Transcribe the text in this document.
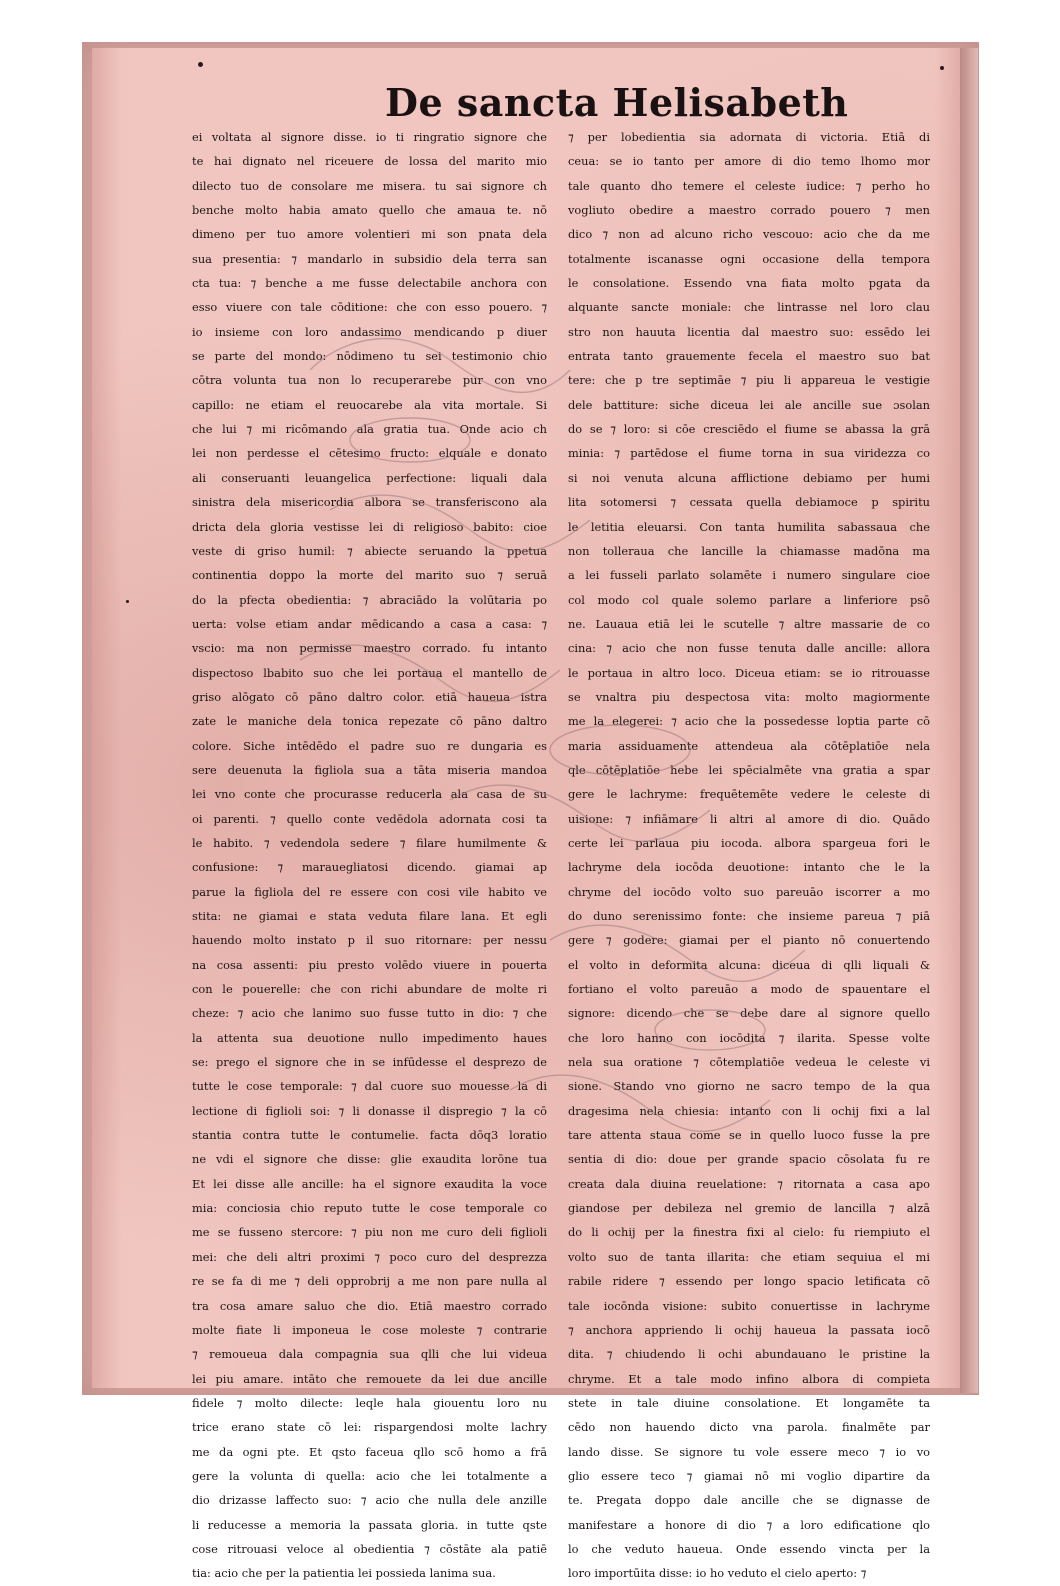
De sancta Helisabeth
ei voltata al signore disse. io ti ringratio signore che
te hai dignato nel riceuere de lossa del marito mio
dilecto tuo de consolare me misera. tu sai signore ch
benche molto habia amato quello che amaua te. nō
dimeno per tuo amore volentieri mi son pnata dela
sua presentia: ⁊ mandarlo in subsidio dela terra san
cta tua: ⁊ benche a me fusse delectabile anchora con
esso viuere con tale cōditione: che con esso pouero. ⁊
io insieme con loro andassimo mendicando p diuer
se parte del mondo: nōdimeno tu sei testimonio chio
cōtra volunta tua non lo recuperarebe pur con vno
capillo: ne etiam el reuocarebe ala vita mortale. Si
che lui ⁊ mi ricōmando ala gratia tua. Onde acio ch
lei non perdesse el cētesimo fructo: elquale e donato
ali conseruanti leuangelica perfectione: liquali dala
sinistra dela misericordia albora se transferiscono ala
dricta dela gloria vestisse lei di religioso babito: cioe
veste di griso humil: ⁊ abiecte seruando la ppetua
continentia doppo la morte del marito suo ⁊ seruā
do la pfecta obedientia: ⁊ abraciādo la volūtaria po
uerta: volse etiam andar mēdicando a casa a casa: ⁊
vscio: ma non permisse maestro corrado. fu intanto
dispectoso lbabito suo che lei portaua el mantello de
griso alōgato cō pāno daltro color. etiā haueua istra
zate le maniche dela tonica repezate cō pāno daltro
colore. Siche intēdēdo el padre suo re dungaria es
sere deuenuta la figliola sua a tāta miseria mandoa
lei vno conte che procurasse reducerla ala casa de su
oi parenti. ⁊ quello conte vedēdola adornata cosi ta
le habito. ⁊ vedendola sedere ⁊ filare humilmente &
confusione: ⁊ marauegliatosi dicendo. giamai ap
parue la figliola del re essere con cosi vile habito ve
stita: ne giamai e stata veduta filare lana. Et egli
hauendo molto instato p il suo ritornare: per nessu
na cosa assenti: piu presto volēdo viuere in pouerta
con le pouerelle: che con richi abundare de molte ri
cheze: ⁊ acio che lanimo suo fusse tutto in dio: ⁊ che
la attenta sua deuotione nullo impedimento haues
se: prego el signore che in se infūdesse el desprezo de
tutte le cose temporale: ⁊ dal cuore suo mouesse la di
lectione di figlioli soi: ⁊ li donasse il dispregio ⁊ la cō
stantia contra tutte le contumelie. facta dōq3 loratio
ne vdi el signore che disse: glie exaudita lorōne tua
Et lei disse alle ancille: ha el signore exaudita la voce
mia: conciosia chio reputo tutte le cose temporale co
me se fusseno stercore: ⁊ piu non me curo deli figlioli
mei: che deli altri proximi ⁊ poco curo del desprezza
re se fa di me ⁊ deli opprobrij a me non pare nulla al
tra cosa amare saluo che dio. Etiā maestro corrado
molte fiate li imponeua le cose moleste ⁊ contrarie
⁊ remoueua dala compagnia sua qlli che lui videua
lei piu amare. intāto che remouete da lei due ancille
fidele ⁊ molto dilecte: leqle hala giouentu loro nu
trice erano state cō lei: rispargendosi molte lachry
me da ogni pte. Et qsto faceua qllo scō homo a frā
gere la volunta di quella: acio che lei totalmente a
dio drizasse laffecto suo: ⁊ acio che nulla dele anzille
li reducesse a memoria la passata gloria. in tutte qste
cose ritrouasi veloce al obedientia ⁊ cōstāte ala patiē
tia: acio che per la patientia lei possieda lanima sua.
⁊ per lobedientia sia adornata di victoria. Etiā di
ceua: se io tanto per amore di dio temo lhomo mor
tale quanto dho temere el celeste iudice: ⁊ perho ho
vogliuto obedire a maestro corrado pouero ⁊ men
dico ⁊ non ad alcuno richo vescouo: acio che da me
totalmente iscanasse ogni occasione della tempora
le consolatione. Essendo vna fiata molto pgata da
alquante sancte moniale: che lintrasse nel loro clau
stro non hauuta licentia dal maestro suo: essēdo lei
entrata tanto grauemente fecela el maestro suo bat
tere: che p tre septimāe ⁊ piu li appareua le vestigie
dele battiture: siche diceua lei ale ancille sue ɔsolan
do se ⁊ loro: si cōe cresciēdo el fiume se abassa la grā
minia: ⁊ partēdose el fiume torna in sua viridezza co
si noi venuta alcuna afflictione debiamo per humi
lita sotomersi ⁊ cessata quella debiamoce p spiritu
le letitia eleuarsi. Con tanta humilita sabassaua che
non tolleraua che lancille la chiamasse madōna ma
a lei fusseli parlato solamēte i numero singulare cioe
col modo col quale solemo parlare a linferiore psō
ne. Lauaua etiā lei le scutelle ⁊ altre massarie de co
cina: ⁊ acio che non fusse tenuta dalle ancille: allora
le portaua in altro loco. Diceua etiam: se io ritrouasse
se vnaltra piu despectosa vita: molto magiormente
me la elegerei: ⁊ acio che la possedesse loptia parte cō
maria assiduamente attendeua ala cōtēplatiōe nela
qle cōtēplatiōe hebe lei spēcialmēte vna gratia a spar
gere le lachryme: frequētemēte vedere le celeste di
uisione: ⁊ infiāmare li altri al amore di dio. Quādo
certe lei parlaua piu iocoda. albora spargeua fori le
lachryme dela iocōda deuotione: intanto che le la
chryme del iocōdo volto suo pareuāo iscorrer a mo
do duno serenissimo fonte: che insieme pareua ⁊ piā
gere ⁊ godere: giamai per el pianto nō conuertendo
el volto in deformita alcuna: diceua di qlli liquali &
fortiano el volto pareuāo a modo de spauentare el
signore: dicendo che se debe dare al signore quello
che loro hanno con iocōdita ⁊ ilarita. Spesse volte
nela sua oratione ⁊ cōtemplatiōe vedeua le celeste vi
sione. Stando vno giorno ne sacro tempo de la qua
dragesima nela chiesia: intanto con li ochij fixi a lal
tare attenta staua come se in quello luoco fusse la pre
sentia di dio: doue per grande spacio cōsolata fu re
creata dala diuina reuelatione: ⁊ ritornata a casa apo
giandose per debileza nel gremio de lancilla ⁊ alzā
do li ochij per la finestra fixi al cielo: fu riempiuto el
volto suo de tanta illarita: che etiam sequiua el mi
rabile ridere ⁊ essendo per longo spacio letificata cō
tale iocōnda visione: subito conuertisse in lachryme
⁊ anchora appriendo li ochij haueua la passata iocō
dita. ⁊ chiudendo li ochi abundauano le pristine la
chryme. Et a tale modo infino albora di compieta
stete in tale diuine consolatione. Et longamēte ta
cēdo non hauendo dicto vna parola. finalmēte par
lando disse. Se signore tu vole essere meco ⁊ io vo
glio essere teco ⁊ giamai nō mi voglio dipartire da
te. Pregata doppo dale ancille che se dignasse de
manifestare a honore di dio ⁊ a loro edificatione qlo
lo che veduto haueua. Onde essendo vincta per la
loro importūita disse: io ho veduto el cielo aperto: ⁊
